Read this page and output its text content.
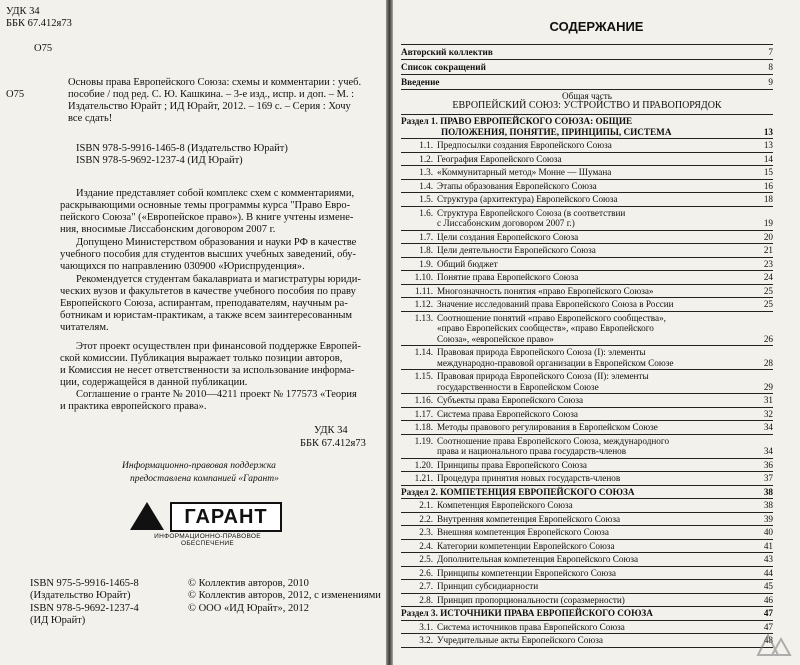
УДК 34
ББК 67.412я73
О75
О75
Основы права Европейского Союза: схемы и комментарии : учеб.
пособие / под ред. С. Ю. Кашкина. – 3-е изд., испр. и доп. – М. :
Издательство Юрайт ; ИД Юрайт, 2012. – 169 с. – Серия : Хочу
все сдать!
ISBN 978-5-9916-1465-8 (Издательство Юрайт)
ISBN 978-5-9692-1237-4 (ИД Юрайт)
Издание представляет собой комплекс схем с комментариями,
раскрывающими основные темы программы курса "Право Евро-
пейского Союза" («Европейское право»). В книге учтены измене-
ния, вносимые Лиссабонским договором 2007 г.
Допущено Министерством образования и науки РФ в качестве
учебного пособия для студентов высших учебных заведений, обу-
чающихся по направлению 030900 «Юриспруденция».
Рекомендуется студентам бакалавриата и магистратуры юриди-
ческих вузов и факультетов в качестве учебного пособия по праву
Европейского Союза, аспирантам, преподавателям, научным ра-
ботникам и юристам-практикам, а также всем заинтересованным
читателям.
Этот проект осуществлен при финансовой поддержке Европей-
ской комиссии. Публикация выражает только позиции авторов,
и Комиссия не несет ответственности за использование информа-
ции, содержащейся в данной публикации.
Соглашение о гранте № 2010—4211 проект № 177573 «Теория
и практика европейского права».
УДК 34
ББК 67.412я73
Информационно-правовая поддержка
предоставлена компанией «Гарант»
ГАРАНТ
ИНФОРМАЦИОННО-ПРАВОВОЕ ОБЕСПЕЧЕНИЕ
ISBN 975-5-9916-1465-8
(Издательство Юрайт)
ISBN 978-5-9692-1237-4
(ИД Юрайт)
© Коллектив авторов, 2010
© Коллектив авторов, 2012, с изменениями
© ООО «ИД Юрайт», 2012
СОДЕРЖАНИЕ
Авторский коллектив	7
Список сокращений	8
Введение	9
Общая часть
ЕВРОПЕЙСКИЙ СОЮЗ: УСТРОЙСТВО И ПРАВОПОРЯДОК
Раздел 1. ПРАВО ЕВРОПЕЙСКОГО СОЮЗА: ОБЩИЕ
ПОЛОЖЕНИЯ, ПОНЯТИЕ, ПРИНЦИПЫ, СИСТЕМА	13
1.1. Предпосылки создания Европейского Союза	13
1.2. География Европейского Союза	14
1.3. «Коммунитарный метод» Монне — Шумана	15
1.4. Этапы образования Европейского Союза	16
1.5. Структура (архитектура) Европейского Союза	18
1.6. Структура Европейского Союза (в соответствии
с Лиссабонским договором 2007 г.)	19
1.7. Цели создания Европейского Союза	20
1.8. Цели деятельности Европейского Союза	21
1.9. Общий бюджет	23
1.10. Понятие права Европейского Союза	24
1.11. Многозначность понятия «право Европейского Союза»	25
1.12. Значение исследований права Европейского Союза в России	25
1.13. Соотношение понятий «право Европейского сообщества»,
«право Европейских сообществ», «право Европейского
Союза», «европейское право»	26
1.14. Правовая природа Европейского Союза (I): элементы
международно-правовой организации в Европейском Союзе	28
1.15. Правовая природа Европейского Союза (II): элементы
государственности в Европейском Союзе	29
1.16. Субъекты права Европейского Союза	31
1.17. Система права Европейского Союза	32
1.18. Методы правового регулирования в Европейском Союзе	34
1.19. Соотношение права Европейского Союза, международного
права и национального права государств-членов	34
1.20. Принципы права Европейского Союза	36
1.21. Процедура принятия новых государств-членов	37
Раздел 2. КОМПЕТЕНЦИЯ ЕВРОПЕЙСКОГО СОЮЗА	38
2.1. Компетенция Европейского Союза	38
2.2. Внутренняя компетенция Европейского Союза	39
2.3. Внешняя компетенция Европейского Союза	40
2.4. Категории компетенции Европейского Союза	41
2.5. Дополнительная компетенция Европейского Союза	43
2.6. Принципы компетенции Европейского Союза	44
2.7. Принцип субсидиарности	45
2.8. Принцип пропорциональности (соразмерности)	46
Раздел 3. ИСТОЧНИКИ ПРАВА ЕВРОПЕЙСКОГО СОЮЗА	47
3.1. Система источников права Европейского Союза	47
3.2. Учредительные акты Европейского Союза	48
